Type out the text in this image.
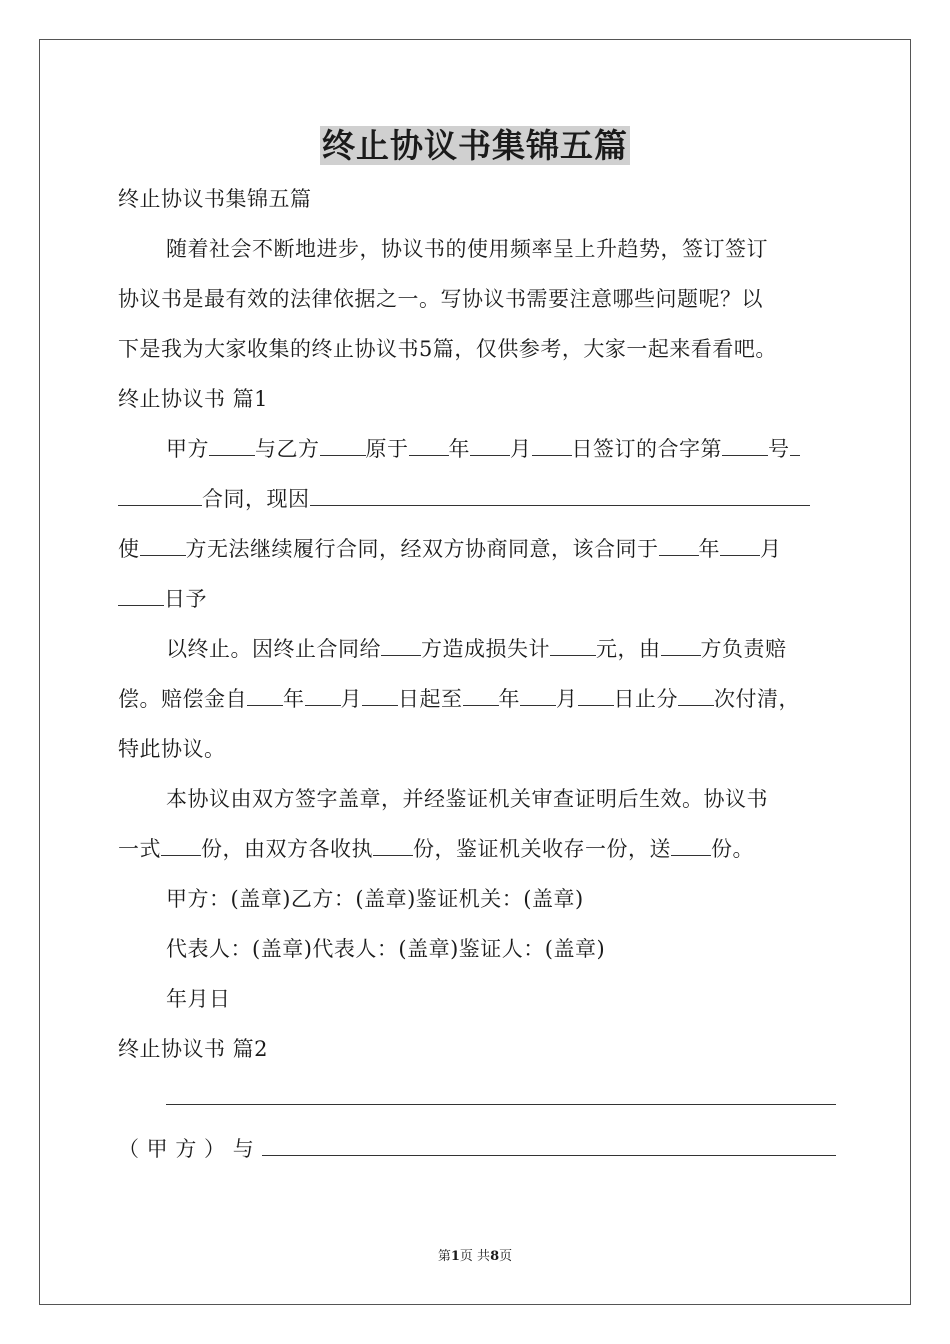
终止协议书集锦五篇
终止协议书集锦五篇
随着社会不断地进步，协议书的使用频率呈上升趋势，签订签订
协议书是最有效的法律依据之一。写协议书需要注意哪些问题呢？以
下是我为大家收集的终止协议书5篇，仅供参考，大家一起来看看吧。
终止协议书 篇1
甲方 与乙方 原于 年 月 日签订的合字第 号
合同，现因
使 方无法继续履行合同，经双方协商同意，该合同于 年 月
日予
以终止。因终止合同给 方造成损失计 元，由 方负责赔
偿。赔偿金自 年 月 日起至 年 月 日止分 次付清，
特此协议。
本协议由双方签字盖章，并经鉴证机关审查证明后生效。协议书
一式 份，由双方各收执 份，鉴证机关收存一份，送 份。
甲方：(盖章)乙方：(盖章)鉴证机关：(盖章)
代表人：(盖章)代表人：(盖章)鉴证人：(盖章)
年月日
终止协议书 篇2
（ 甲 方 ） 与
第1页 共8页
